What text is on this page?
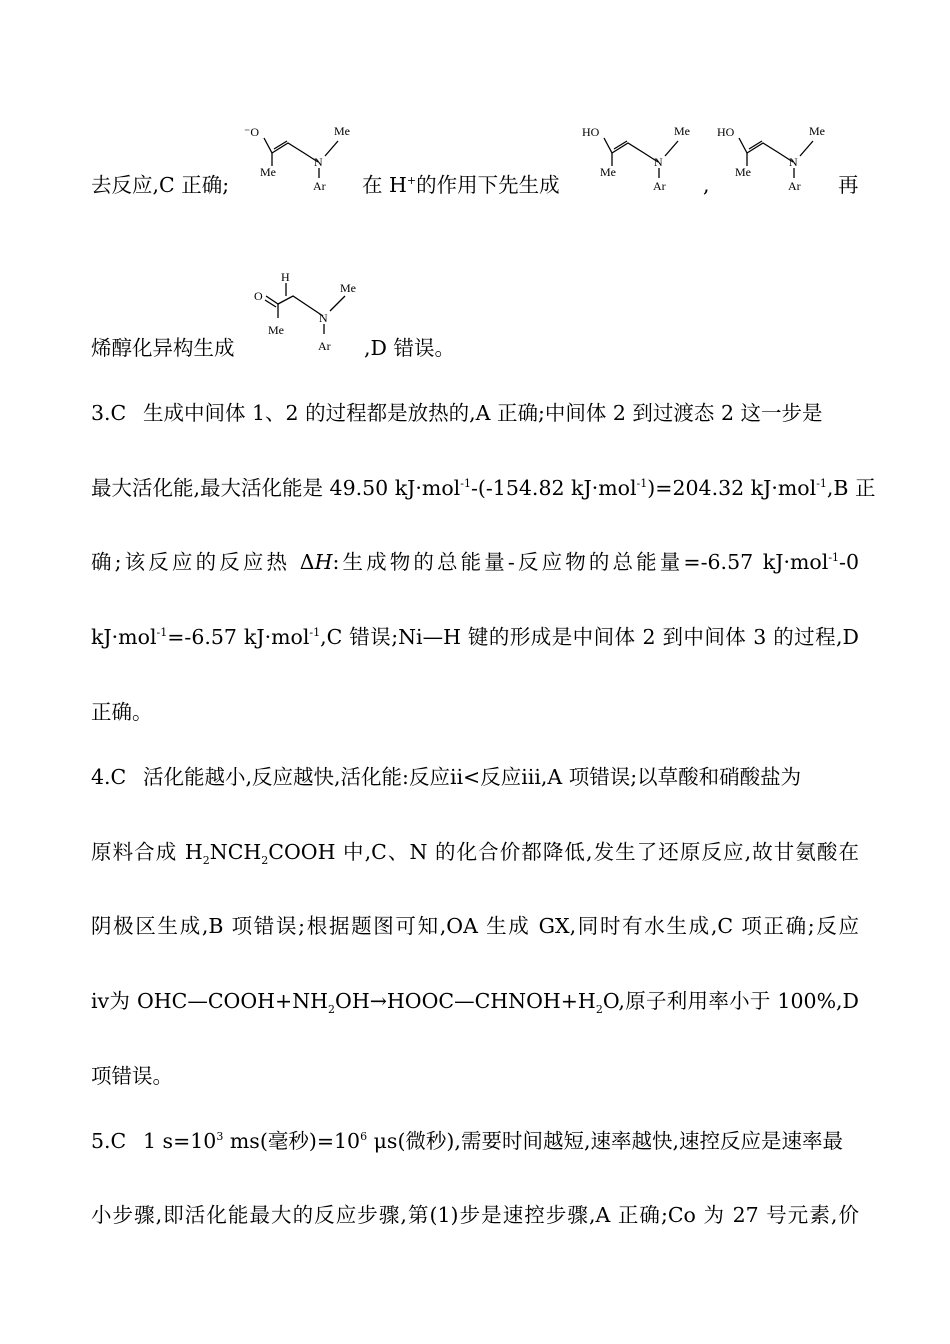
去反应,C 正确;	在 H+的作用下先生成	,	再
⁻O	Me
Me
N
Ar
HO	Me
Me
N
Ar
HO	Me
Me
N
Ar
烯醇化异构生成	,D 错误。
H
O
Me
Me
N
Ar
3.C 生成中间体 1、2 的过程都是放热的,A 正确;中间体 2 到过渡态 2 这一步是
最大活化能,最大活化能是 49.50 kJ·mol$^{-1}$-(-154.82 kJ·mol$^{-1}$)=204.32 kJ·mol$^{-1}$,B 正
确;该反应的反应热 ΔH:生成物的总能量-反应物的总能量=-6.57 kJ·mol$^{-1}$-0
kJ·mol$^{-1}$=-6.57 kJ·mol$^{-1}$,C 错误;Ni—H 键的形成是中间体 2 到中间体 3 的过程,D
正确。
4.C 活化能越小,反应越快,活化能:反应ⅱ<反应ⅲ,A 项错误;以草酸和硝酸盐为
原料合成 $H_2NCH_2COOH$ 中,C、N 的化合价都降低,发生了还原反应,故甘氨酸在
阴极区生成,B 项错误;根据题图可知,OA 生成 GX,同时有水生成,C 项正确;反应
ⅳ为 $OHC—COOH+NH_2OH\to HOOC—CHNOH+H_2O$,原子利用率小于 100%,D
项错误。
5.C 1 $s=10^3$ ms(毫秒)$=10^6$ μs(微秒),需要时间越短,速率越快,速控反应是速率最
小步骤,即活化能最大的反应步骤,第(1)步是速控步骤,A 正确;Co 为 27 号元素,价
